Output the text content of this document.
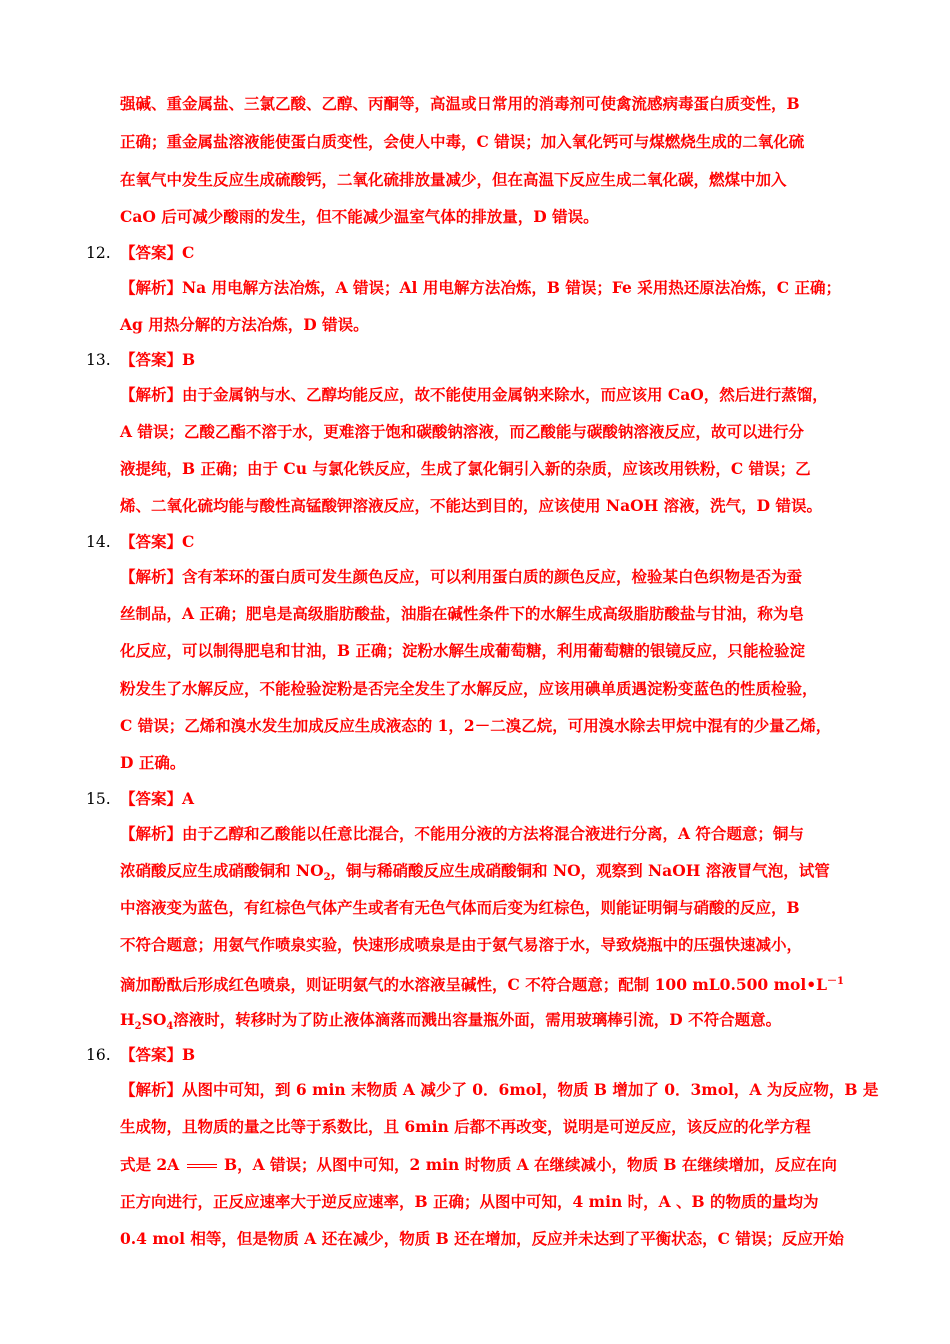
强碱、重金属盐、三氯乙酸、乙醇、丙酮等，高温或日常用的消毒剂可使禽流感病毒蛋白质变性，B
正确；重金属盐溶液能使蛋白质变性，会使人中毒，C 错误；加入氧化钙可与煤燃烧生成的二氧化硫
在氧气中发生反应生成硫酸钙，二氧化硫排放量减少，但在高温下反应生成二氧化碳，燃煤中加入
CaO 后可减少酸雨的发生，但不能减少温室气体的排放量，D 错误。
12. 【答案】C
【解析】Na 用电解方法冶炼，A 错误；Al 用电解方法冶炼，B 错误；Fe 采用热还原法冶炼，C 正确；
Ag 用热分解的方法冶炼，D 错误。
13. 【答案】B
【解析】由于金属钠与水、乙醇均能反应，故不能使用金属钠来除水，而应该用 CaO，然后进行蒸馏，
A 错误；乙酸乙酯不溶于水，更难溶于饱和碳酸钠溶液，而乙酸能与碳酸钠溶液反应，故可以进行分
液提纯，B 正确；由于 Cu 与氯化铁反应，生成了氯化铜引入新的杂质，应该改用铁粉，C 错误；乙
烯、二氧化硫均能与酸性高锰酸钾溶液反应，不能达到目的，应该使用 NaOH 溶液，洗气，D 错误。
14. 【答案】C
【解析】含有苯环的蛋白质可发生颜色反应，可以利用蛋白质的颜色反应，检验某白色织物是否为蚕
丝制品，A 正确；肥皂是高级脂肪酸盐，油脂在碱性条件下的水解生成高级脂肪酸盐与甘油，称为皂
化反应，可以制得肥皂和甘油，B 正确；淀粉水解生成葡萄糖，利用葡萄糖的银镜反应，只能检验淀
粉发生了水解反应，不能检验淀粉是否完全发生了水解反应，应该用碘单质遇淀粉变蓝色的性质检验，
C 错误；乙烯和溴水发生加成反应生成液态的 1，2－二溴乙烷，可用溴水除去甲烷中混有的少量乙烯，
D 正确。
15. 【答案】A
【解析】由于乙醇和乙酸能以任意比混合，不能用分液的方法将混合液进行分离，A 符合题意；铜与
浓硝酸反应生成硝酸铜和 $NO_2$，铜与稀硝酸反应生成硝酸铜和 NO，观察到 NaOH 溶液冒气泡，试管
中溶液变为蓝色，有红棕色气体产生或者有无色气体而后变为红棕色，则能证明铜与硝酸的反应，B
不符合题意；用氨气作喷泉实验，快速形成喷泉是由于氨气易溶于水，导致烧瓶中的压强快速减小，
滴加酚酞后形成红色喷泉，则证明氨气的水溶液呈碱性，C 不符合题意；配制 100 mL0.500 $mol•L^{-1}$
$H_2SO_4$溶液时，转移时为了防止液体滴落而溅出容量瓶外面，需用玻璃棒引流，D 不符合题意。
16. 【答案】B
【解析】从图中可知，到 6 min 末物质 A 减少了 0．6mol，物质 B 增加了 0．3mol，A 为反应物，B 是
生成物，且物质的量之比等于系数比，且 6min 后都不再改变，说明是可逆反应，该反应的化学方程
式是 2A	B，A 错误；从图中可知，2 min 时物质 A 在继续减小，物质 B 在继续增加，反应在向
正方向进行，正反应速率大于逆反应速率，B 正确；从图中可知，4 min 时，A 、B 的物质的量均为
0.4 mol 相等，但是物质 A 还在减少，物质 B 还在增加，反应并未达到了平衡状态，C 错误；反应开始
